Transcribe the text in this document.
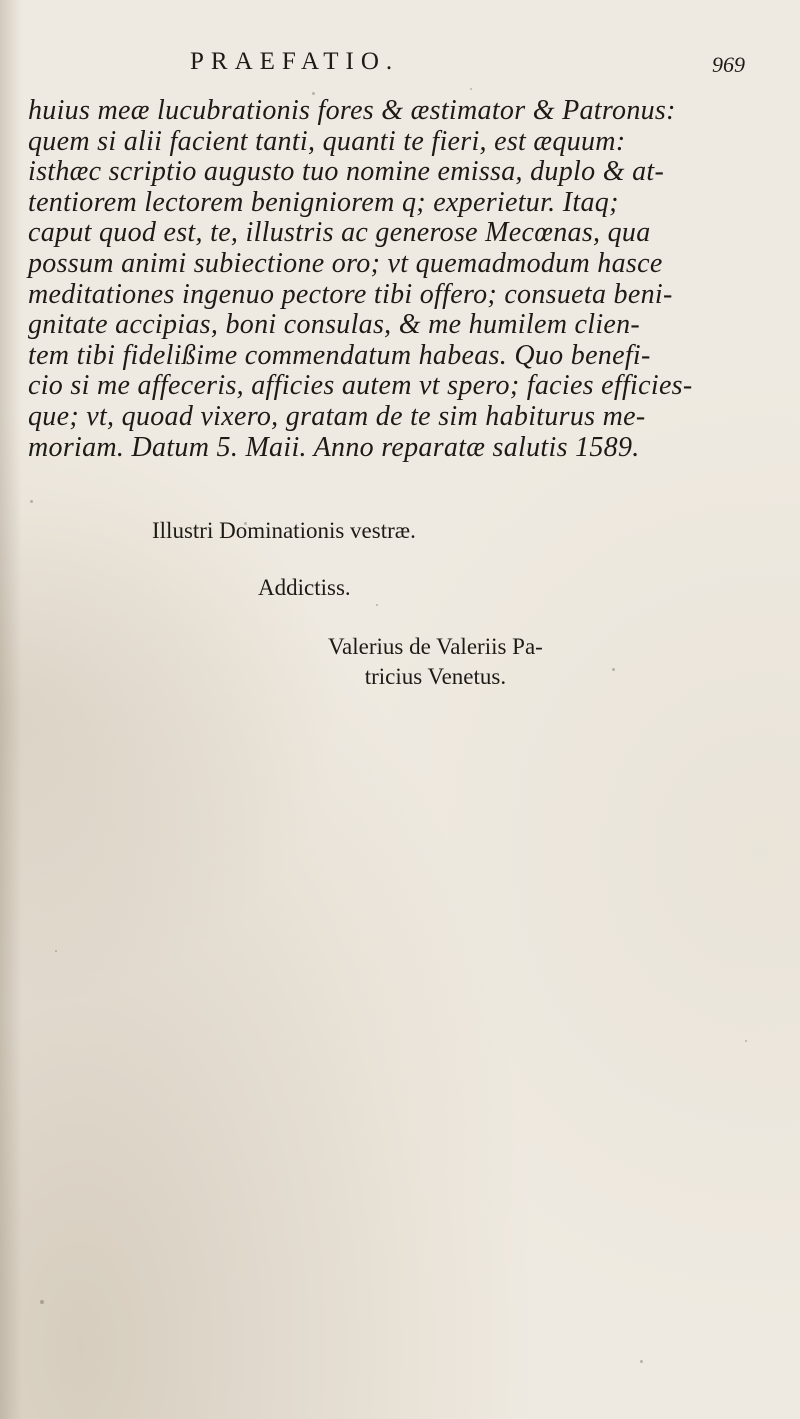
PRAEFATIO.	969

huius meæ lucubrationis fores & æstimator & Patronus:
quem si alii facient tanti, quanti te fieri, est æquum:
isthæc scriptio augusto tuo nomine emissa, duplo & at-
tentiorem lectorem benigniorem q; experietur. Itaq;
caput quod est, te, illustris ac generose Mecœnas, qua
possum animi subiectione oro; vt quemadmodum hasce
meditationes ingenuo pectore tibi offero; consueta beni-
gnitate accipias, boni consulas, & me humilem clien-
tem tibi fidelißime commendatum habeas. Quo benefi-
cio si me affeceris, afficies autem vt spero; facies efficies-
que; vt, quoad vixero, gratam de te sim habiturus me-
moriam. Datum 5. Maii. Anno reparatæ salutis 1589.

Illustri Dominationis vestræ.
Addictiss.
Valerius de Valeriis Pa-
tricius Venetus.
